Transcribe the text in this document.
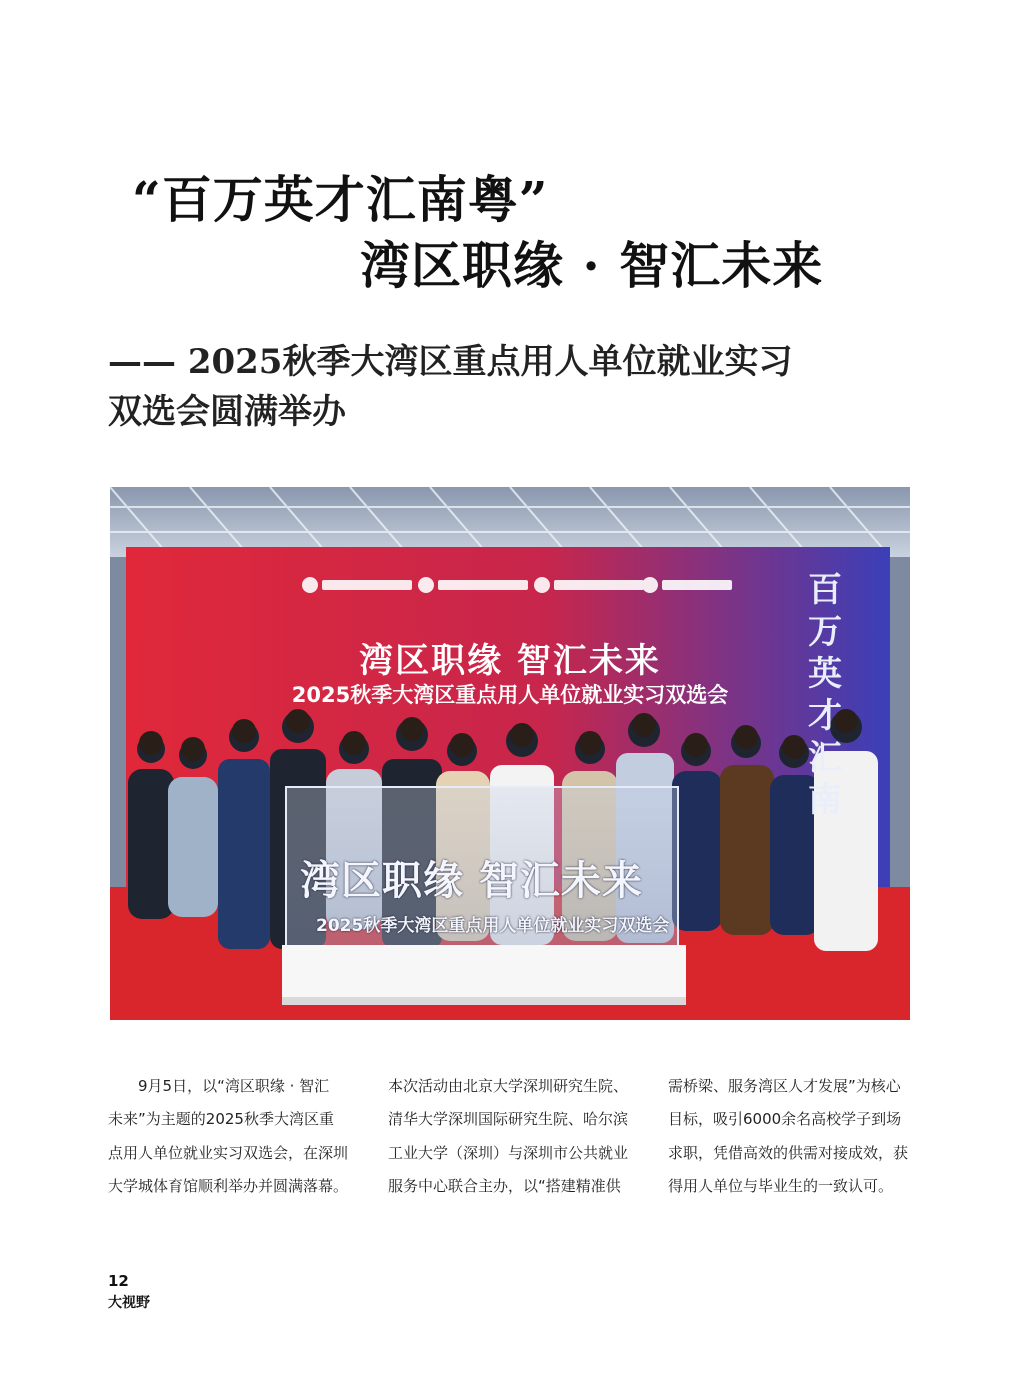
“百万英才汇南粤”
湾区职缘 · 智汇未来
—— 2025秋季大湾区重点用人单位就业实习
双选会圆满举办
湾区职缘 智汇未来
2025秋季大湾区重点用人单位就业实习双选会
湾区职缘 智汇未来
2025秋季大湾区重点用人单位就业实习双选会
百
万
英
才
汇
南

　　9月5日，以“湾区职缘 · 智汇

未来”为主题的2025秋季大湾区重

点用人单位就业实习双选会，在深圳

大学城体育馆顺利举办并圆满落幕。

本次活动由北京大学深圳研究生院、

清华大学深圳国际研究生院、哈尔滨

工业大学（深圳）与深圳市公共就业

服务中心联合主办，以“搭建精准供

需桥梁、服务湾区人才发展”为核心

目标，吸引6000余名高校学子到场

求职，凭借高效的供需对接成效，获

得用人单位与毕业生的一致认可。

12
大视野
